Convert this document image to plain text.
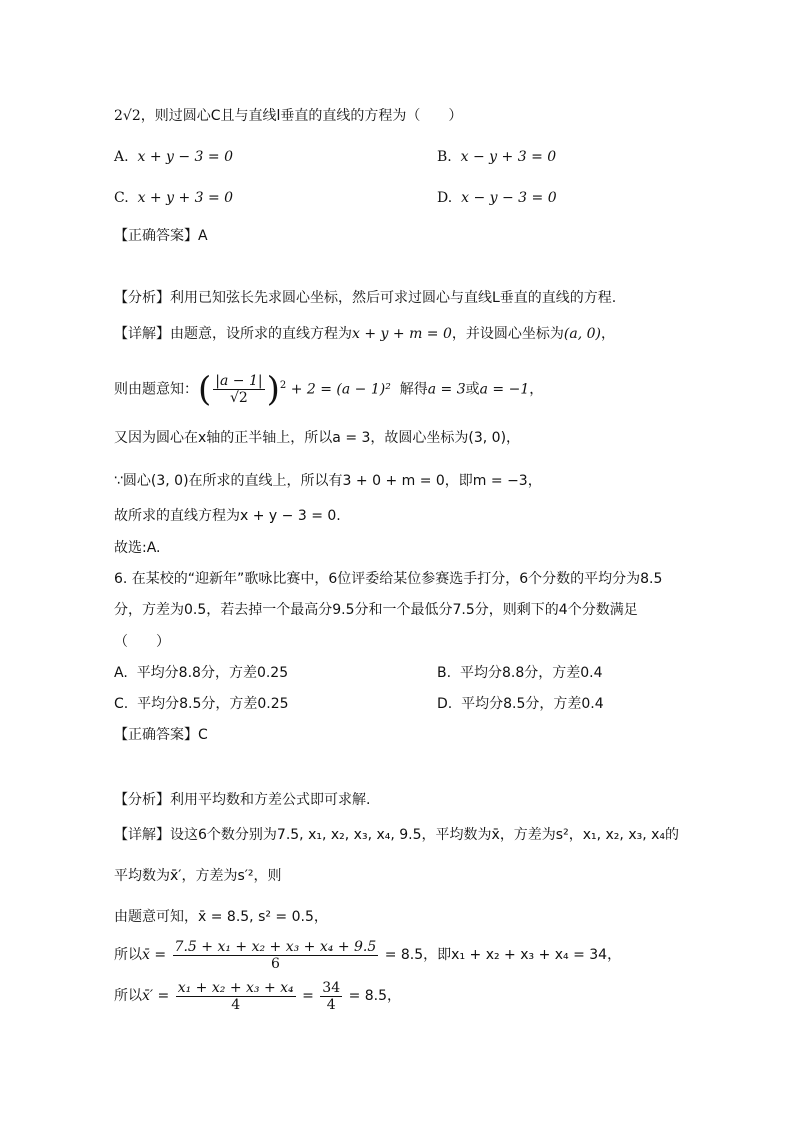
2√2，则过圆心C且与直线l垂直的直线的方程为（　　）
A. x + y − 3 = 0	B. x − y + 3 = 0
C. x + y + 3 = 0	D. x − y − 3 = 0
【正确答案】A
【分析】利用已知弦长先求圆心坐标，然后可求过圆心与直线L垂直的直线的方程.
【详解】由题意，设所求的直线方程为x + y + m = 0，并设圆心坐标为(a, 0)，
则由题意知：( $\frac{|a - 1|}{√2} )^2 + 2 = (a - 1)^2$ 解得a = 3或a = −1，
又因为圆心在x轴的正半轴上，所以a = 3，故圆心坐标为(3, 0)，
∵圆心(3, 0)在所求的直线上，所以有3 + 0 + m = 0，即m = −3，
故所求的直线方程为x + y − 3 = 0.
故选:A.
6. 在某校的“迎新年”歌咏比赛中，6位评委给某位参赛选手打分，6个分数的平均分为8.5
分，方差为0.5，若去掉一个最高分9.5分和一个最低分7.5分，则剩下的4个分数满足
（　　）
A. 平均分8.8分，方差0.25	B. 平均分8.8分，方差0.4
C. 平均分8.5分，方差0.25	D. 平均分8.5分，方差0.4
【正确答案】C
【分析】利用平均数和方差公式即可求解.
【详解】设这6个数分别为7.5, x₁, x₂, x₃, x₄, 9.5，平均数为x̄，方差为s²，x₁, x₂, x₃, x₄的
平均数为x̄′，方差为s′²，则
由题意可知，x̄ = 8.5, s² = 0.5，
所以x̄ = $\frac{\text{7.5 + x₁ + x₂ + x₃ + x₄ + 9.5}}{6} = 8.5$，即x₁ + x₂ + x₃ + x₄ = 34，
所以x̄′ = $\frac{\text{x₁ + x₂ + x₃ + x₄}}{4} = \frac{34}{4} = 8.5$，
